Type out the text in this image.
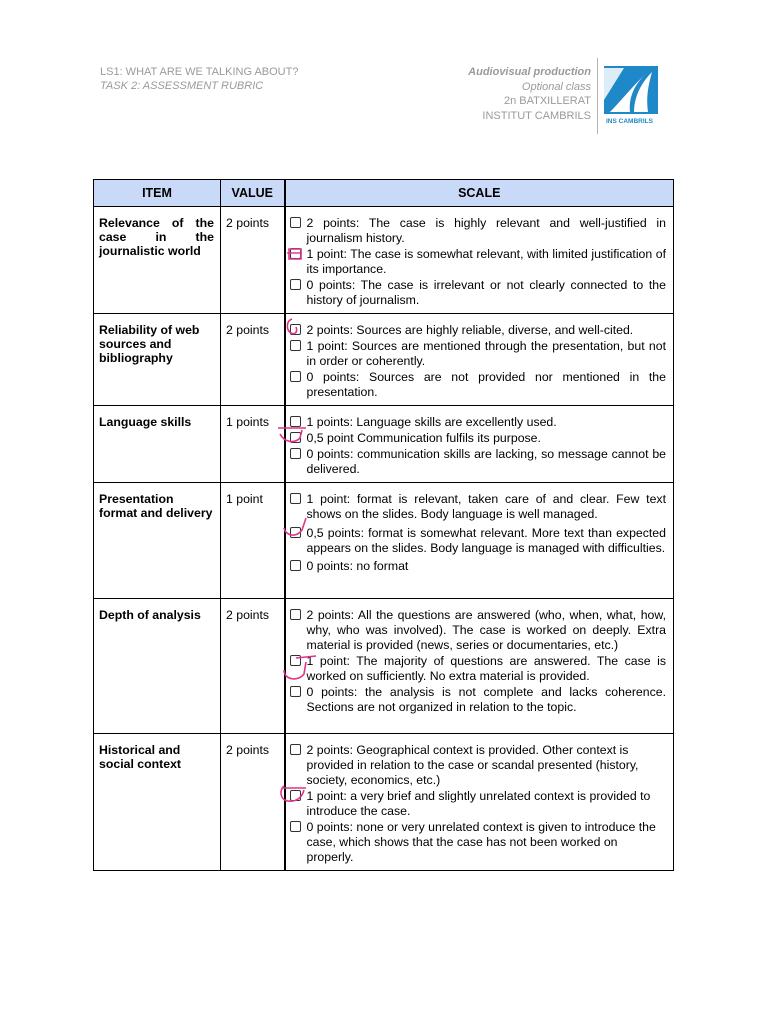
LS1: WHAT ARE WE TALKING ABOUT?
TASK 2: ASSESSMENT RUBRIC
Audiovisual production
Optional class
2n BATXILLERAT
INSTITUT CAMBRILS INS CAMBRILS
ITEM	VALUE	SCALE
Relevance of the case in the journalistic world	2 points	2 points: The case is highly relevant and well-justified in journalism history.
1 point: The case is somewhat relevant, with limited justification of its importance.
0 points: The case is irrelevant or not clearly connected to the history of journalism.

Reliability of web sources and bibliography	2 points	2 points: Sources are highly reliable, diverse, and well-cited.
1 point: Sources are mentioned through the presentation, but not in order or coherently.
0 points: Sources are not provided nor mentioned in the presentation.

Language skills	1 points	1 points: Language skills are excellently used.
0,5 point Communication fulfils its purpose.
0 points: communication skills are lacking, so message cannot be delivered.

Presentation format and delivery	1 point	1 point: format is relevant, taken care of and clear. Few text shows on the slides. Body language is well managed.
0,5 points: format is somewhat relevant. More text than expected appears on the slides. Body language is managed with difficulties.
0 points: no format

Depth of analysis	2 points	2 points: All the questions are answered (who, when, what, how, why, who was involved). The case is worked on deeply. Extra material is provided (news, series or documentaries, etc.)
1 point: The majority of questions are answered. The case is worked on sufficiently. No extra material is provided.
0 points: the analysis is not complete and lacks coherence. Sections are not organized in relation to the topic.

Historical and social context	2 points	2 points: Geographical context is provided. Other context is provided in relation to the case or scandal presented (history, society, economics, etc.)
1 point: a very brief and slightly unrelated context is provided to introduce the case.
0 points: none or very unrelated context is given to introduce the case, which shows that the case has not been worked on properly.
